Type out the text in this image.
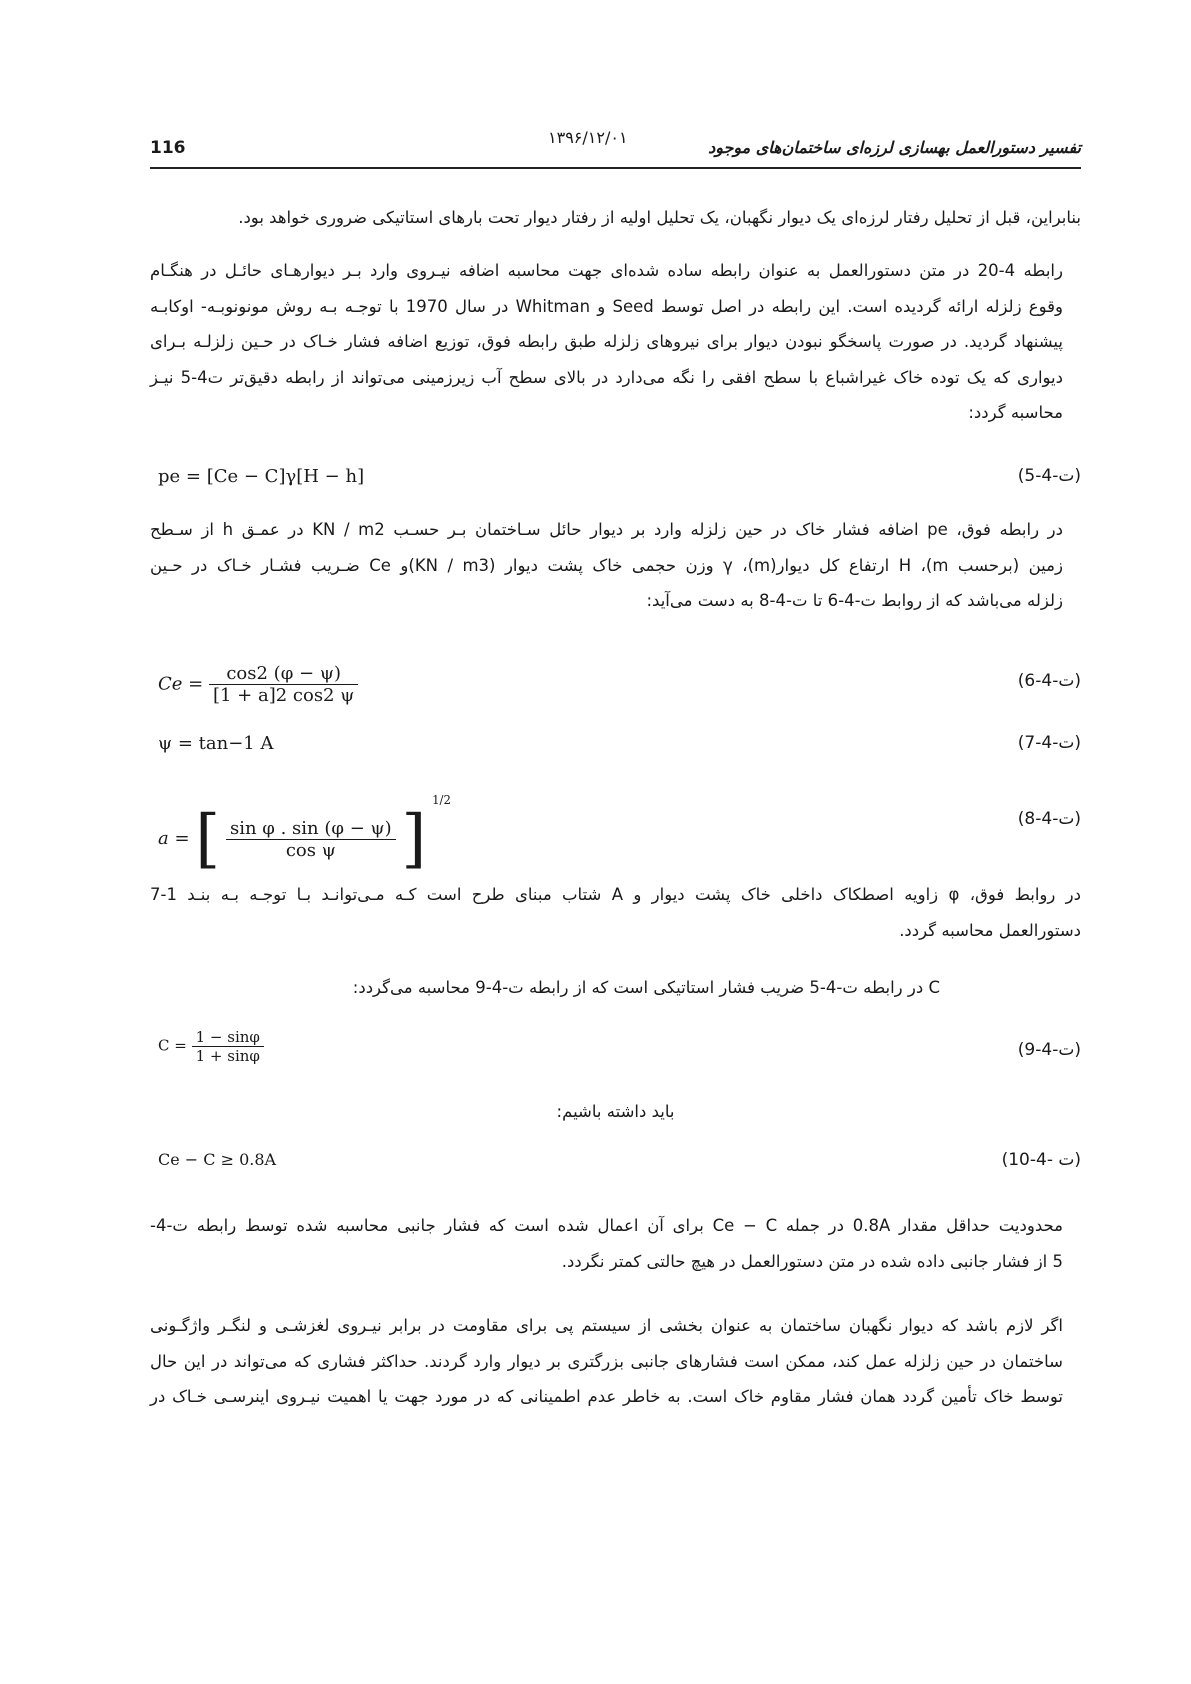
116
۱۳۹۶/۱۲/۰۱
تفسیر دستورالعمل بهسازی لرزه‌ای ساختمان‌های موجود

بنابراین، قبل از تحلیل رفتار لرزه‌ای یک دیوار نگهبان، یک تحلیل اولیه از رفتار دیوار تحت بارهای استاتیکی ضروری خواهد بود.

رابطه 4-20 در متن دستورالعمل به عنوان رابطه ساده شده‌ای جهت محاسبه اضافه نیـروی وارد بـر دیوارهـای حائـل در هنگـام
وقوع زلزله ارائه گردیده است. این رابطه در اصل توسط Seed و Whitman در سال 1970 با توجـه بـه روش مونونوبـه- اوکابـه
پیشنهاد گردید. در صورت پاسخگو نبودن دیوار برای نیروهای زلزله طبق رابطه فوق، توزیع اضافه فشار خـاک در حـین زلزلـه بـرای
دیواری که یک توده خاک غیراشباع با سطح افقی را نگه می‌دارد در بالای سطح آب زیرزمینی می‌تواند از رابطه دقیق‌تر ت4-5 نیـز
محاسبه گردد:

pe = [Ce − C]γ[H − h]	(ت-4-5)

در رابطه فوق، pe اضافه فشار خاک در حین زلزله وارد بر دیوار حائل سـاختمان بـر حسـب KN / m2 در عمـق h از سـطح
زمین (برحسب m)، H ارتفاع کل دیوار(m)، γ وزن حجمی خاک پشت دیوار (KN / m3)و Ce ضـریب فشـار خـاک در حـین
زلزله می‌باشد که از روابط ت-4-6 تا ت-4-8 به دست می‌آید:

$Ce = \frac{\cos 2 (\varphi - \psi)}{[1 + a]2 \cos 2 \psi}$	(ت-4-6)
ψ = tan−1 A	(ت-4-7)
a = [ $\frac{\text{sin φ . sin (φ − ψ)}}{\text{cos ψ}}$ ] $^{1/2}$
(ت-4-8)

در روابط فوق، φ زاویه اصطکاک داخلی خاک پشت دیوار و A شتاب مبنای طرح است کـه مـی‌توانـد بـا توجـه بـه بنـد 1-7
دستورالعمل محاسبه گردد.

C در رابطه ت-4-5 ضریب فشار استاتیکی است که از رابطه ت-4-9 محاسبه می‌گردد:

$C = \frac{1 - \sin\varphi}{1 + \sin\varphi}$	(ت-4-9)
باید داشته باشیم:
Ce − C ≥ 0.8A	(ت -4-10)

محدودیت حداقل مقدار 0.8A در جمله Ce − C برای آن اعمال شده است که فشار جانبی محاسبه شده توسط رابطه ت-4-
5 از فشار جانبی داده شده در متن دستورالعمل در هیچ حالتی کمتر نگردد.

اگر لازم باشد که دیوار نگهبان ساختمان به عنوان بخشی از سیستم پی برای مقاومت در برابر نیـروی لغزشـی و لنگـر واژگـونی
ساختمان در حین زلزله عمل کند، ممکن است فشارهای جانبی بزرگتری بر دیوار وارد گردند. حداکثر فشاری که می‌تواند در این حال
توسط خاک تأمین گردد همان فشار مقاوم خاک است. به خاطر عدم اطمینانی که در مورد جهت یا اهمیت نیـروی اینرسـی خـاک در
